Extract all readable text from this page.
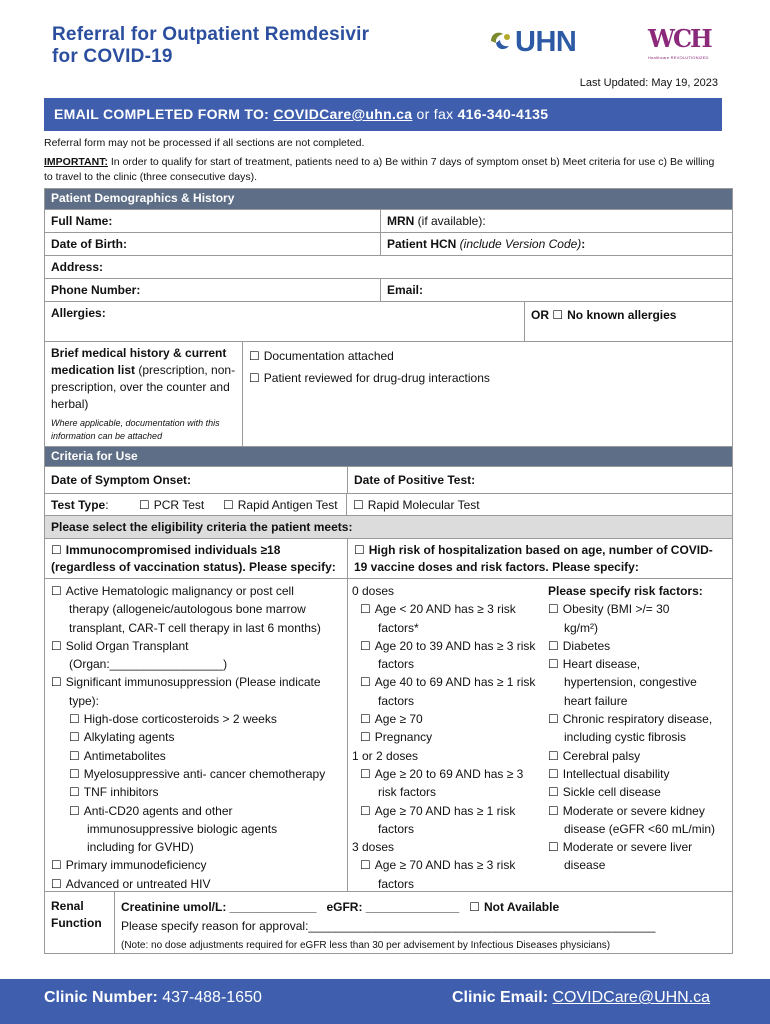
Referral for Outpatient Remdesivir
for COVID-19	UHN	WCH
Healthcare REVOLUTIONIZED
Last Updated: May 19, 2023
EMAIL COMPLETED FORM TO: COVIDCare@uhn.ca or fax 416-340-4135
Referral form may not be processed if all sections are not completed.
IMPORTANT: In order to qualify for start of treatment, patients need to a) Be within 7 days of symptom onset b) Meet criteria for use c) Be willing to travel to the clinic (three consecutive days).
Patient Demographics & History
Full Name:	MRN (if available):
Date of Birth:	Patient HCN (include Version Code):
Address:
Phone Number:	Email:
Allergies:	OR ☐ No known allergies
Brief medical history & current medication list (prescription, non-prescription, over the counter and herbal)
Where applicable, documentation with this information can be attached
☐ Documentation attached
☐ Patient reviewed for drug-drug interactions
Criteria for Use
Date of Symptom Onset:	Date of Positive Test:
Test Type:	☐ PCR Test	☐ Rapid Antigen Test	☐ Rapid Molecular Test
Please select the eligibility criteria the patient meets:
☐ Immunocompromised individuals ≥18
(regardless of vaccination status). Please specify:
☐ High risk of hospitalization based on age, number of COVID-
19 vaccine doses and risk factors. Please specify:
☐ Active Hematologic malignancy or post cell
therapy (allogeneic/autologous bone marrow
transplant, CAR-T cell therapy in last 6 months)
☐ Solid Organ Transplant
(Organ:_________________)
☐ Significant immunosuppression (Please indicate
type):
☐ High-dose corticosteroids > 2 weeks
☐ Alkylating agents
☐ Antimetabolites
☐ Myelosuppressive anti- cancer chemotherapy
☐ TNF inhibitors
☐ Anti-CD20 agents and other
immunosuppressive biologic agents
including for GVHD)
☐ Primary immunodeficiency
☐ Advanced or untreated HIV
0 doses
☐ Age < 20 AND has ≥ 3 risk
factors*
☐ Age 20 to 39 AND has ≥ 3 risk
factors
☐ Age 40 to 69 AND has ≥ 1 risk
factors
☐ Age ≥ 70
☐ Pregnancy
1 or 2 doses
☐ Age ≥ 20 to 69 AND has ≥ 3
risk factors
☐ Age ≥ 70 AND has ≥ 1 risk
factors
3 doses
☐ Age ≥ 70 AND has ≥ 3 risk
factors
Please specify risk factors:
☐ Obesity (BMI >/= 30
kg/m²)
☐ Diabetes
☐ Heart disease,
hypertension, congestive
heart failure
☐ Chronic respiratory disease,
including cystic fibrosis
☐ Cerebral palsy
☐ Intellectual disability
☐ Sickle cell disease
☐ Moderate or severe kidney
disease (eGFR <60 mL/min)
☐ Moderate or severe liver
disease
Renal
Function
Creatinine umol/L: _____________ eGFR: ______________ ☐ Not Available
Please specify reason for approval:____________________________________________________
(Note: no dose adjustments required for eGFR less than 30 per advisement by Infectious Diseases physicians)
Clinic Number: 437-488-1650	Clinic Email: COVIDCare@UHN.ca
